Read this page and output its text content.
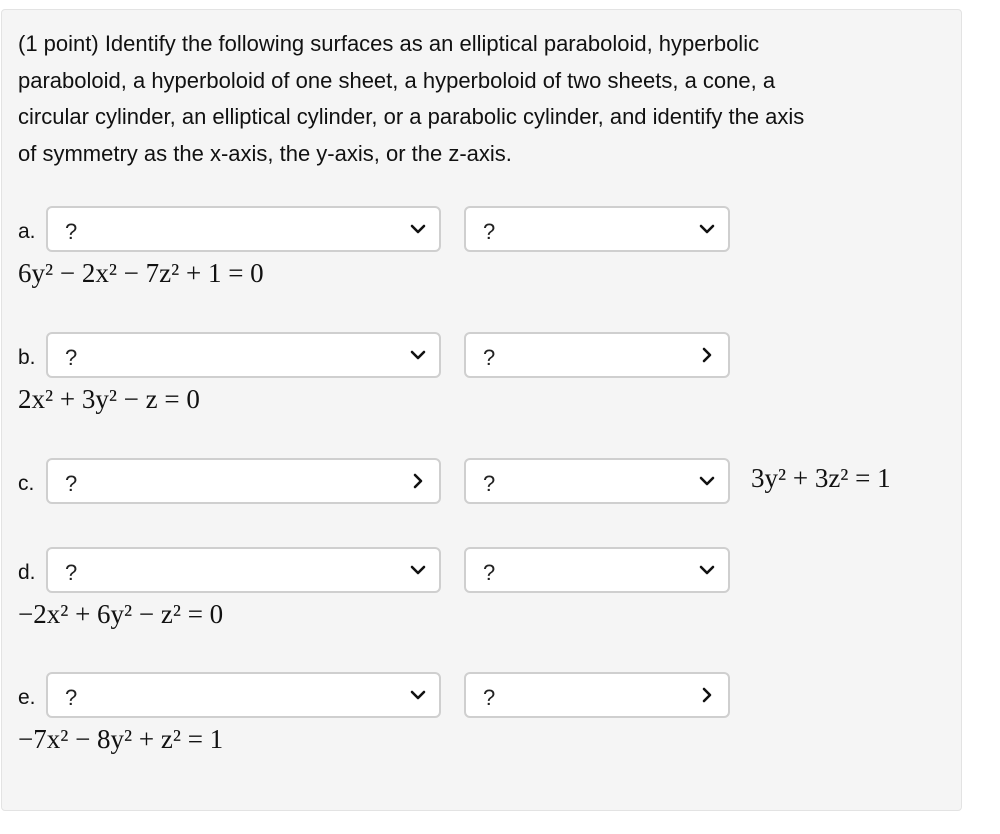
(1 point) Identify the following surfaces as an elliptical paraboloid, hyperbolic

paraboloid, a hyperboloid of one sheet, a hyperboloid of two sheets, a cone, a

circular cylinder, an elliptical cylinder, or a parabolic cylinder, and identify the axis

of symmetry as the x-axis, the y-axis, or the z-axis.

a. ?	?
6y² − 2x² − 7z² + 1 = 0
b. ?	?
2x² + 3y² − z = 0
c. ?	?	3y² + 3z² = 1
d. ?	?
−2x² + 6y² − z² = 0
e. ?	?
−7x² − 8y² + z² = 1
